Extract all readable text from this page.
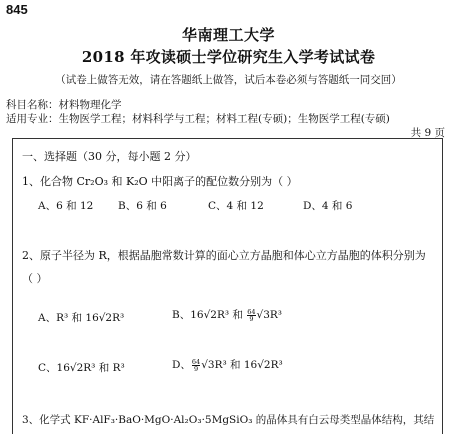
845
华南理工大学
2018 年攻读硕士学位研究生入学考试试卷
（试卷上做答无效，请在答题纸上做答，试后本卷必须与答题纸一同交回）
科目名称：材料物理化学
适用专业：生物医学工程；材料科学与工程；材料工程(专硕)；生物医学工程(专硕)
共 9 页
一、选择题（30 分，每小题 2 分）
1、化合物 Cr₂O₃ 和 K₂O 中阳离子的配位数分别为（ ）
A、6 和 12 B、6 和 6	C、4 和 12	D、4 和 6
2、原子半径为 R，根据晶胞常数计算的面心立方晶胞和体心立方晶胞的体积分别为
（ ）
A、R³ 和 16√2R³	B、16√2R³ 和 $\frac{64}{9} √3R^3$
C、16√2R³ 和 R³	D、 $\frac{64}{9} √3R^3$ 和 16√2R³
3、化学式 KF·AlF₃·BaO·MgO·Al₂O₃·5MgSiO₃ 的晶体具有白云母类型晶体结构，其结
